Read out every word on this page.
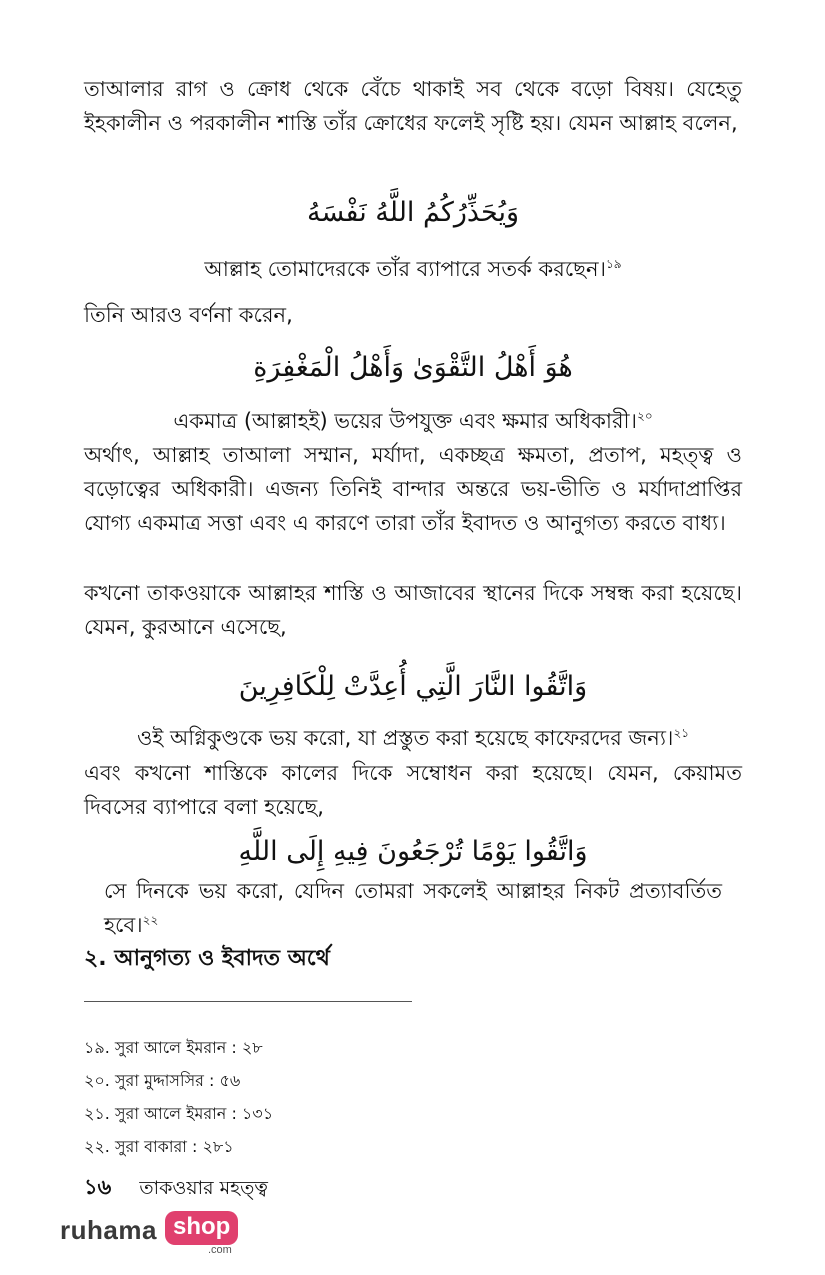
তাআলার রাগ ও ক্রোধ থেকে বেঁচে থাকাই সব থেকে বড়ো বিষয়। যেহেতু ইহকালীন ও পরকালীন শাস্তি তাঁর ক্রোধের ফলেই সৃষ্টি হয়। যেমন আল্লাহ বলেন,

وَيُحَذِّرُكُمُ اللَّهُ نَفْسَهُ

আল্লাহ তোমাদেরকে তাঁর ব্যাপারে সতর্ক করছেন।$^{১৯}$

তিনি আরও বর্ণনা করেন,

هُوَ أَهْلُ التَّقْوَىٰ وَأَهْلُ الْمَغْفِرَةِ

একমাত্র (আল্লাহই) ভয়ের উপযুক্ত এবং ক্ষমার অধিকারী।$^{২০}$

অর্থাৎ, আল্লাহ তাআলা সম্মান, মর্যাদা, একচ্ছত্র ক্ষমতা, প্রতাপ, মহত্ত্ব ও বড়োত্বের অধিকারী। এজন্য তিনিই বান্দার অন্তরে ভয়-ভীতি ও মর্যাদাপ্রাপ্তির যোগ্য একমাত্র সত্তা এবং এ কারণে তারা তাঁর ইবাদত ও আনুগত্য করতে বাধ্য।

কখনো তাকওয়াকে আল্লাহর শাস্তি ও আজাবের স্থানের দিকে সম্বন্ধ করা হয়েছে। যেমন, কুরআনে এসেছে,

وَاتَّقُوا النَّارَ الَّتِي أُعِدَّتْ لِلْكَافِرِينَ

ওই অগ্নিকুণ্ডকে ভয় করো, যা প্রস্তুত করা হয়েছে কাফেরদের জন্য।$^{২১}$

এবং কখনো শাস্তিকে কালের দিকে সম্বোধন করা হয়েছে। যেমন, কেয়ামত দিবসের ব্যাপারে বলা হয়েছে,

وَاتَّقُوا يَوْمًا تُرْجَعُونَ فِيهِ إِلَى اللَّهِ

সে দিনকে ভয় করো, যেদিন তোমরা সকলেই আল্লাহর নিকট প্রত্যাবর্তিত হবে।$^{২২}$

২. আনুগত্য ও ইবাদত অর্থে

১৯. সুরা আলে ইমরান : ২৮

২০. সুরা মুদ্দাসসির : ৫৬

২১. সুরা আলে ইমরান : ১৩১

২২. সুরা বাকারা : ২৮১

১৬ তাকওয়ার মহত্ত্ব
ruhama shop
.com
